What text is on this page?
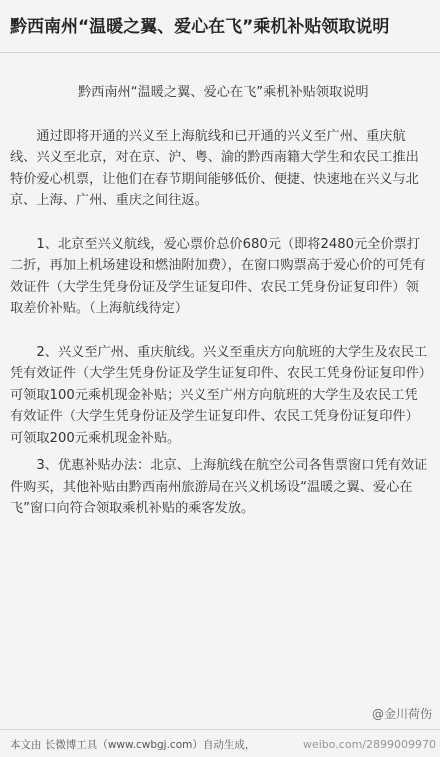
黔西南州“温暖之翼、爱心在飞”乘机补贴领取说明

黔西南州“温暖之翼、爱心在飞”乘机补贴领取说明

通过即将开通的兴义至上海航线和已开通的兴义至广州、重庆航线、兴义至北京，对在京、沪、粤、渝的黔西南籍大学生和农民工推出特价爱心机票，让他们在春节期间能够低价、便捷、快速地在兴义与北京、上海、广州、重庆之间往返。

1、北京至兴义航线，爱心票价总价680元（即将2480元全价票打二折，再加上机场建设和燃油附加费），在窗口购票高于爱心价的可凭有效证件（大学生凭身份证及学生证复印件、农民工凭身份证复印件）领取差价补贴。（上海航线待定）

2、兴义至广州、重庆航线。兴义至重庆方向航班的大学生及农民工凭有效证件（大学生凭身份证及学生证复印件、农民工凭身份证复印件）可领取100元乘机现金补贴；兴义至广州方向航班的大学生及农民工凭有效证件（大学生凭身份证及学生证复印件、农民工凭身份证复印件）可领取200元乘机现金补贴。

3、优惠补贴办法：北京、上海航线在航空公司各售票窗口凭有效证件购买，其他补贴由黔西南州旅游局在兴义机场设“温暖之翼、爱心在飞”窗口向符合领取乘机补贴的乘客发放。

@金川荷伤
本文由 长微博工具（www.cwbgj.com）自动生成，	weibo.com/2899009970
